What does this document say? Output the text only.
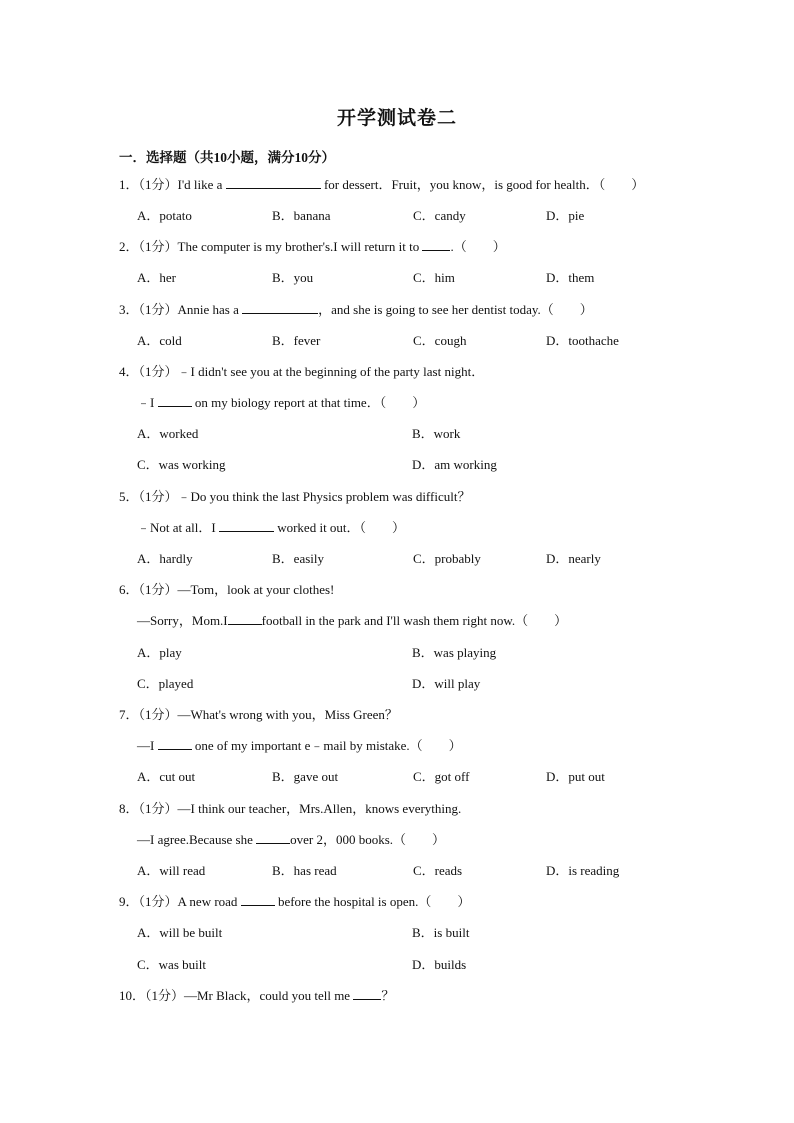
开学测试卷二
一．选择题（共10小题，满分10分）
1．（1分）I'd like a	for dessert．Fruit，you know，is good for health．（　　）
A．potato	B．banana	C．candy	D．pie
2．（1分）The computer is my brother's.I will return it to .（　　）
A．her	B．you	C．him	D．them
3．（1分）Annie has a	，and she is going to see her dentist today.（　　）
A．cold	B．fever	C．cough	D．toothache
4．（1分）﹣I didn't see you at the beginning of the party last night．
﹣I	on my biology report at that time．（　　）
A．worked	B．work
C．was working	D．am working
5．（1分）﹣Do you think the last Physics problem was difficult？
﹣Not at all．I	worked it out．（　　）
A．hardly	B．easily	C．probably	D．nearly
6．（1分）—Tom，look at your clothes!
—Sorry，Mom.I	football in the park and I'll wash them right now.（　　）
A．play	B．was playing
C．played	D．will play
7．（1分）—What's wrong with you，Miss Green？
—I	one of my important e﹣mail by mistake.（　　）
A．cut out	B．gave out	C．got off	D．put out
8．（1分）—I think our teacher，Mrs.Allen，knows everything.
—I agree.Because she	over 2，000 books.（　　）
A．will read	B．has read	C．reads	D．is reading
9．（1分）A new road	before the hospital is open.（　　）
A．will be built	B．is built
C．was built	D．builds
10．（1分）—Mr Black，could you tell me ？
